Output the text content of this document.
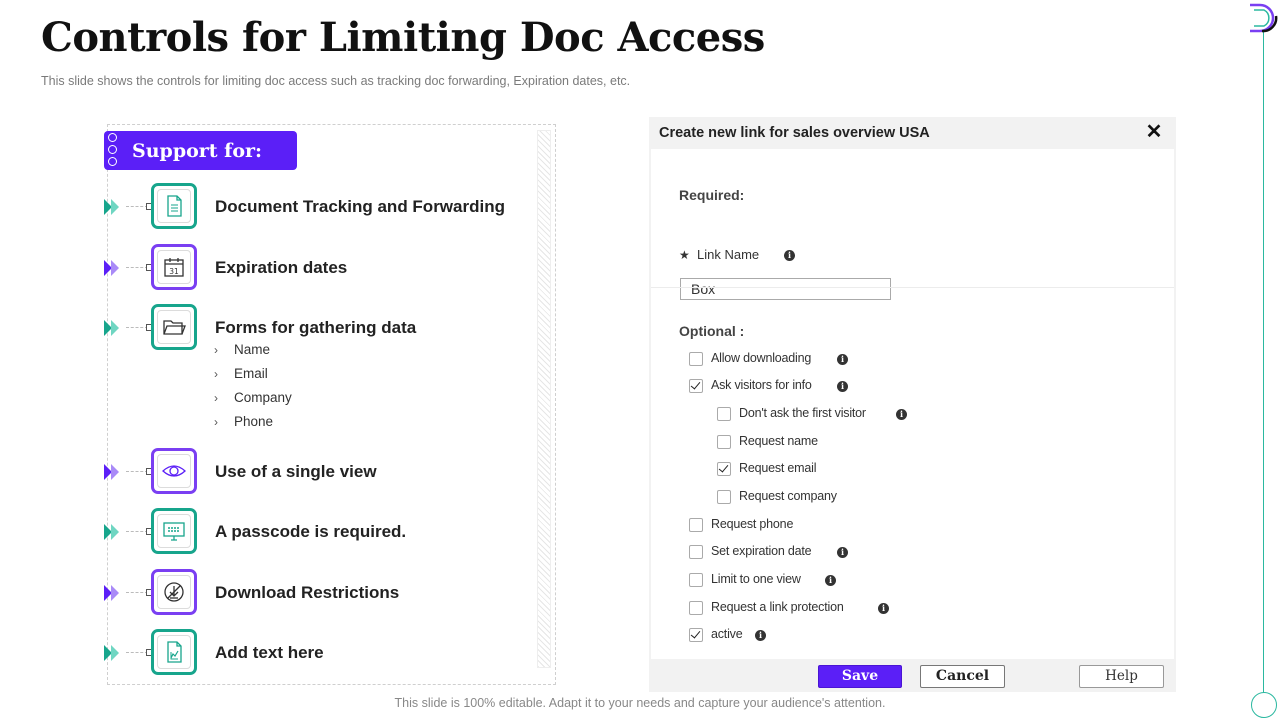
Controls for Limiting Doc Access
This slide shows the controls for limiting doc access such as tracking doc forwarding, Expiration dates, etc.
Support for:
Document Tracking and Forwarding
31 Expiration dates
Forms for gathering data
› Name
› Email
› Company
› Phone
Use of a single view
A passcode is required.
Download Restrictions
Add text here
Create new link for sales overview USA	✕
Required:
★ Link Name	i
Box
Optional :
Allow downloading	i
Ask visitors for info	i
Don't ask the first visitor	i
Request name
Request email
Request company
Request phone
Set expiration date	i
Limit to one view	i
Request a link protection	i
active	i
Save	Cancel	Help
This slide is 100% editable. Adapt it to your needs and capture your audience's attention.
